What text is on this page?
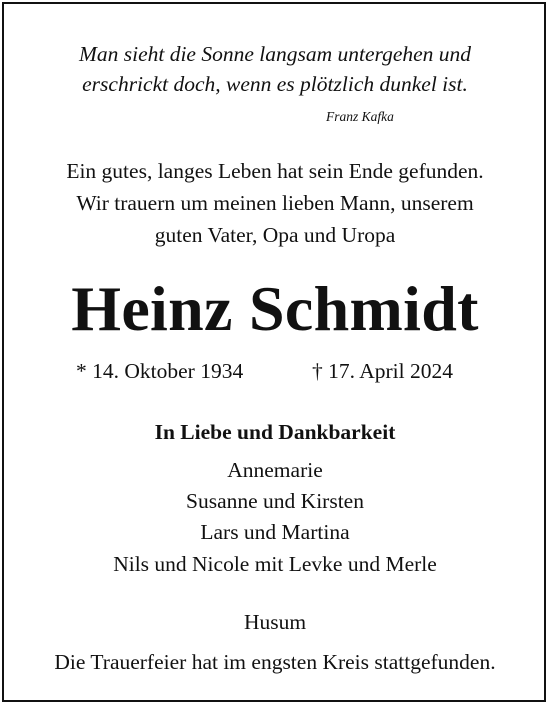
Man sieht die Sonne langsam untergehen und

erschrickt doch, wenn es plötzlich dunkel ist.

Franz Kafka

Ein gutes, langes Leben hat sein Ende gefunden.

Wir trauern um meinen lieben Mann, unserem

guten Vater, Opa und Uropa

Heinz Schmidt

* 14. Oktober 1934	† 17. April 2024

In Liebe und Dankbarkeit

Annemarie

Susanne und Kirsten

Lars und Martina

Nils und Nicole mit Levke und Merle

Husum

Die Trauerfeier hat im engsten Kreis stattgefunden.
